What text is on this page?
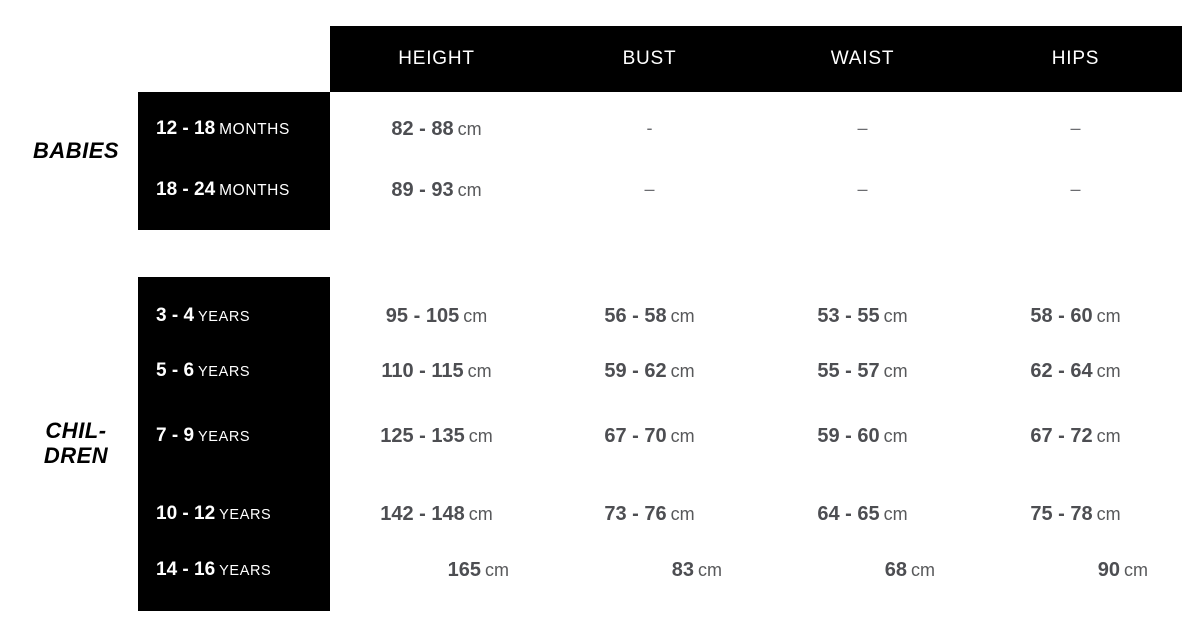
HEIGHT	BUST	WAIST	HIPS
BABIES
CHIL-
DREN
12 - 18 MONTHS	82 - 88 cm	-	–	–
18 - 24 MONTHS	89 - 93 cm	–	–	–
3 - 4 YEARS	95 - 105 cm	56 - 58 cm	53 - 55 cm	58 - 60 cm
5 - 6 YEARS	110 - 115 cm	59 - 62 cm	55 - 57 cm	62 - 64 cm
7 - 9 YEARS	125 - 135 cm	67 - 70 cm	59 - 60 cm	67 - 72 cm
10 - 12 YEARS	142 - 148 cm	73 - 76 cm	64 - 65 cm	75 - 78 cm
14 - 16 YEARS	165 cm	83 cm	68 cm	90 cm
